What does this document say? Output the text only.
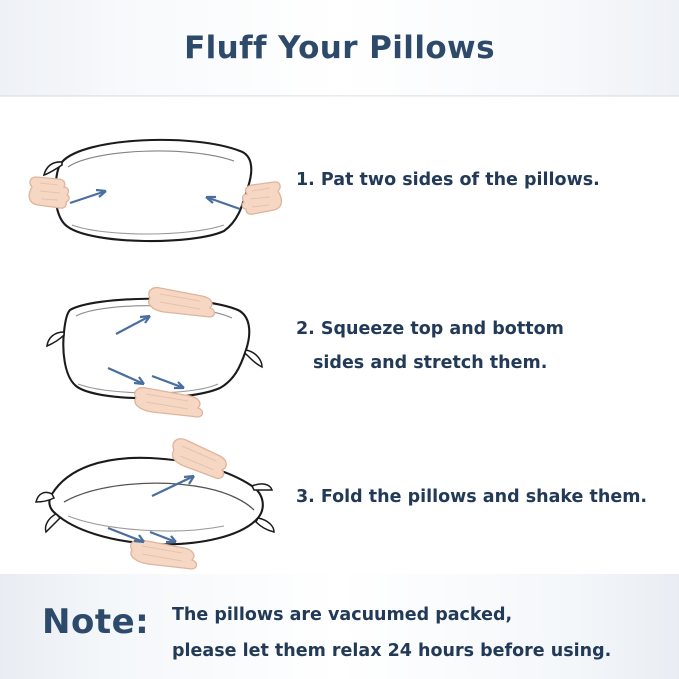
Fluff Your Pillows
1. Pat two sides of the pillows.
2. Squeeze top and bottom
sides and stretch them.
3. Fold the pillows and shake them.
Note: The pillows are vacuumed packed,
please let them relax 24 hours before using.
